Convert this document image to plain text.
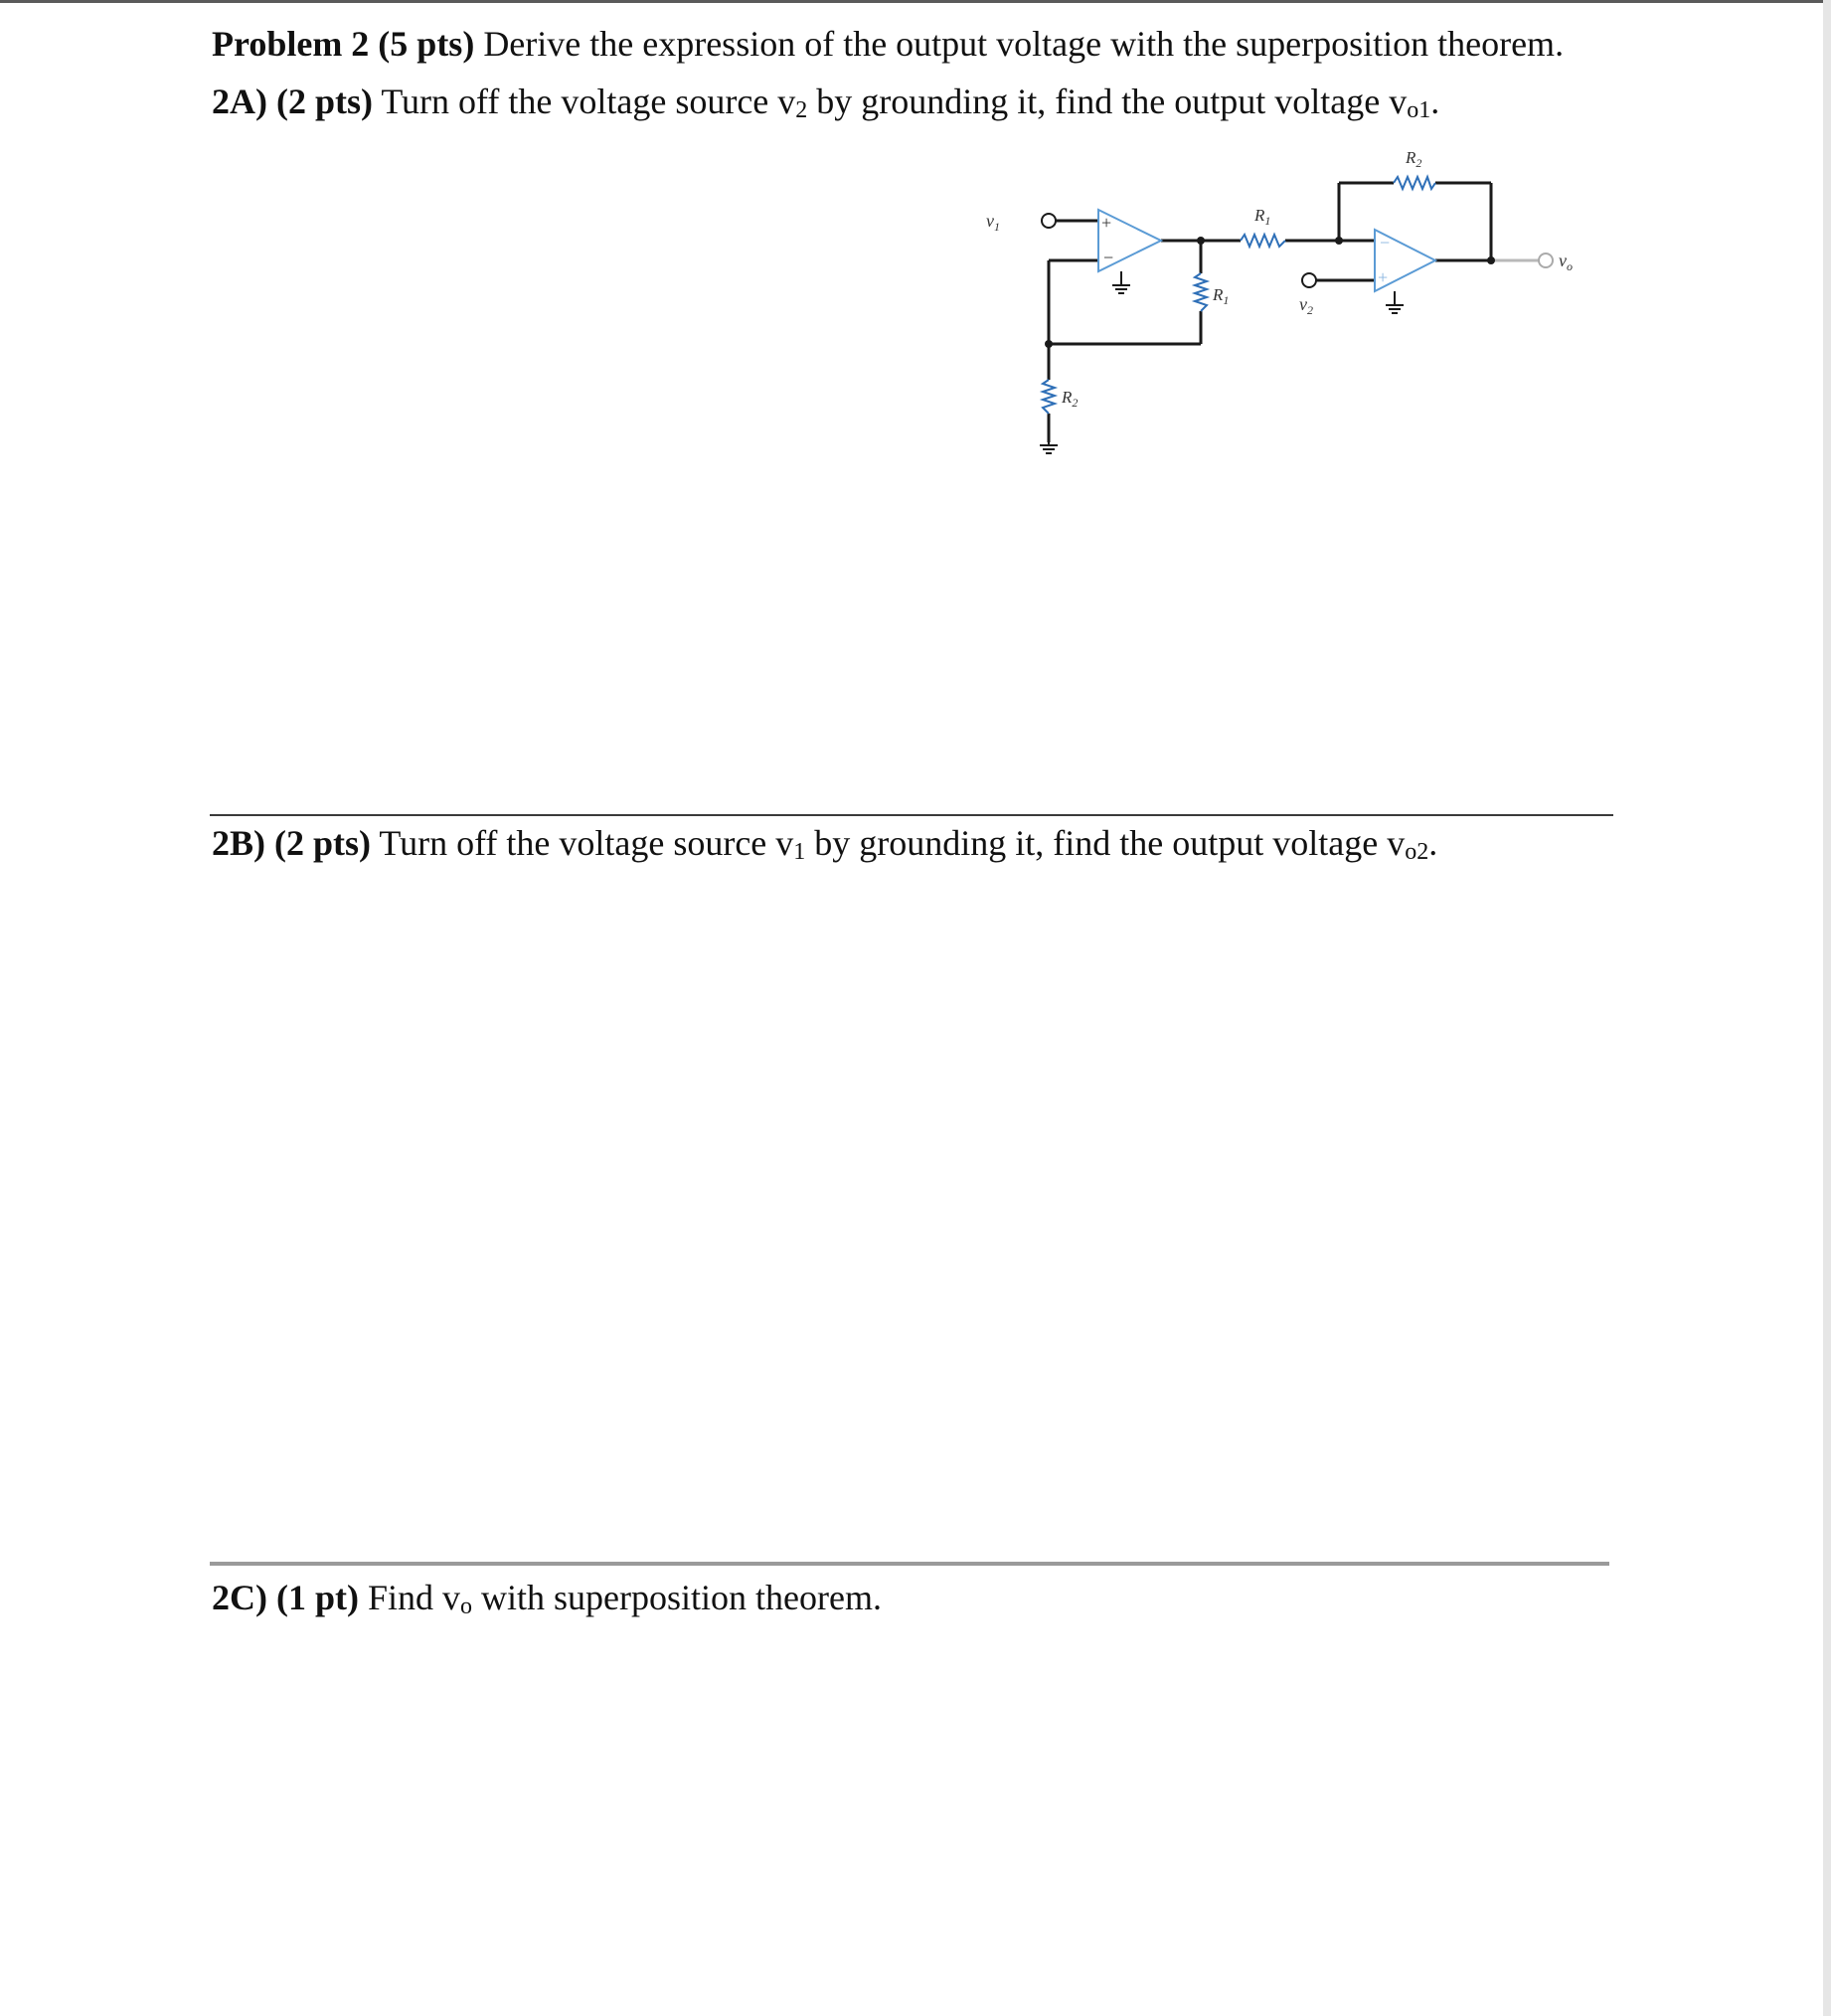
Problem 2 (5 pts) Derive the expression of the output voltage with the superposition theorem.
2A) (2 pts) Turn off the voltage source $v_2$ by grounding it, find the output voltage $v_{o1}$.
+
−
−
+
$v_1$
$v_2$
$v_o$
$R_1$
$R_1$
$R_2$
$R_2$
2B) (2 pts) Turn off the voltage source $v_1$ by grounding it, find the output voltage $v_{o2}$.
2C) (1 pt) Find $v_o$ with superposition theorem.
